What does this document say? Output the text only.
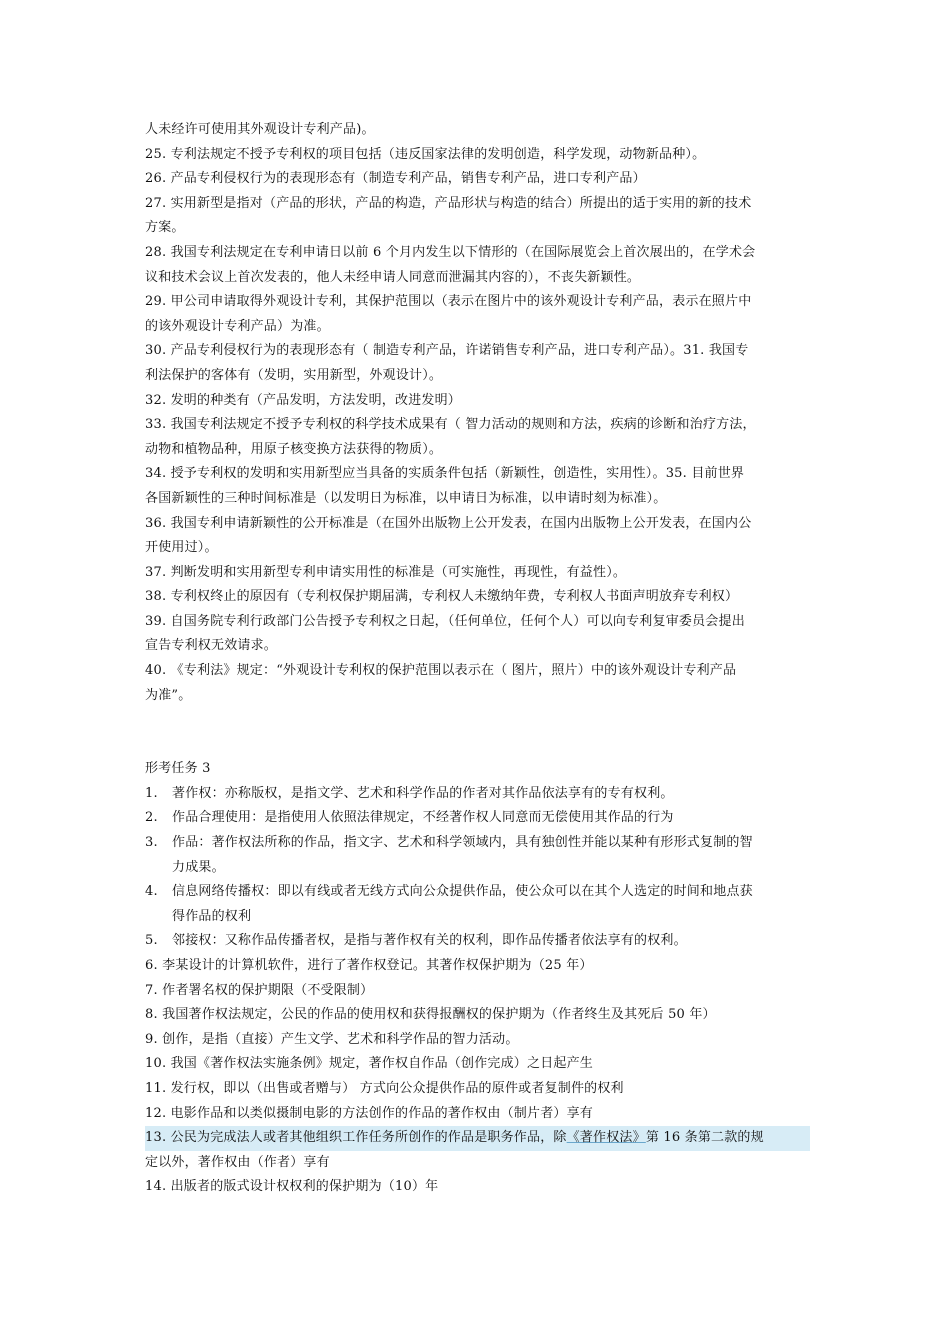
人未经许可使用其外观设计专利产品)。
25. 专利法规定不授予专利权的项目包括（违反国家法律的发明创造，科学发现，动物新品种）。
26. 产品专利侵权行为的表现形态有（制造专利产品，销售专利产品，进口专利产品）
27. 实用新型是指对（产品的形状，产品的构造，产品形状与构造的结合）所提出的适于实用的新的技术
方案。
28. 我国专利法规定在专利申请日以前 6 个月内发生以下情形的（在国际展览会上首次展出的，在学术会
议和技术会议上首次发表的，他人未经申请人同意而泄漏其内容的），不丧失新颖性。
29. 甲公司申请取得外观设计专利，其保护范围以（表示在图片中的该外观设计专利产品，表示在照片中
的该外观设计专利产品）为准。
30. 产品专利侵权行为的表现形态有（ 制造专利产品，许诺销售专利产品，进口专利产品）。31. 我国专
利法保护的客体有（发明，实用新型，外观设计）。
32. 发明的种类有（产品发明，方法发明，改进发明）
33. 我国专利法规定不授予专利权的科学技术成果有（ 智力活动的规则和方法，疾病的诊断和治疗方法，
动物和植物品种，用原子核变换方法获得的物质）。
34. 授予专利权的发明和实用新型应当具备的实质条件包括（新颖性，创造性，实用性）。35. 目前世界
各国新颖性的三种时间标准是（以发明日为标准，以申请日为标准，以申请时刻为标准）。
36. 我国专利申请新颖性的公开标准是（在国外出版物上公开发表，在国内出版物上公开发表，在国内公
开使用过）。
37. 判断发明和实用新型专利申请实用性的标准是（可实施性，再现性，有益性）。
38. 专利权终止的原因有（专利权保护期届满，专利权人未缴纳年费，专利权人书面声明放弃专利权）
39. 自国务院专利行政部门公告授予专利权之日起，（任何单位，任何个人）可以向专利复审委员会提出
宣告专利权无效请求。
40. 《专利法》规定：“外观设计专利权的保护范围以表示在（ 图片，照片）中的该外观设计专利产品
为准”。
形考任务 3
1. 著作权：亦称版权，是指文学、艺术和科学作品的作者对其作品依法享有的专有权利。
2. 作品合理使用：是指使用人依照法律规定，不经著作权人同意而无偿使用其作品的行为
3. 作品：著作权法所称的作品，指文字、艺术和科学领域内，具有独创性并能以某种有形形式复制的智
力成果。
4. 信息网络传播权：即以有线或者无线方式向公众提供作品，使公众可以在其个人选定的时间和地点获
得作品的权利
5. 邻接权：又称作品传播者权，是指与著作权有关的权利，即作品传播者依法享有的权利。
6. 李某设计的计算机软件，进行了著作权登记。其著作权保护期为（25 年）
7. 作者署名权的保护期限（不受限制）
8. 我国著作权法规定，公民的作品的使用权和获得报酬权的保护期为（作者终生及其死后 50 年）
9. 创作，是指（直接）产生文学、艺术和科学作品的智力活动。
10. 我国《著作权法实施条例》规定，著作权自作品（创作完成）之日起产生
11. 发行权，即以（出售或者赠与） 方式向公众提供作品的原件或者复制件的权利
12. 电影作品和以类似摄制电影的方法创作的作品的著作权由（制片者）享有
13. 公民为完成法人或者其他组织工作任务所创作的作品是职务作品，除《著作权法》第 16 条第二款的规
定以外，著作权由（作者）享有
14. 出版者的版式设计权权利的保护期为（10）年
